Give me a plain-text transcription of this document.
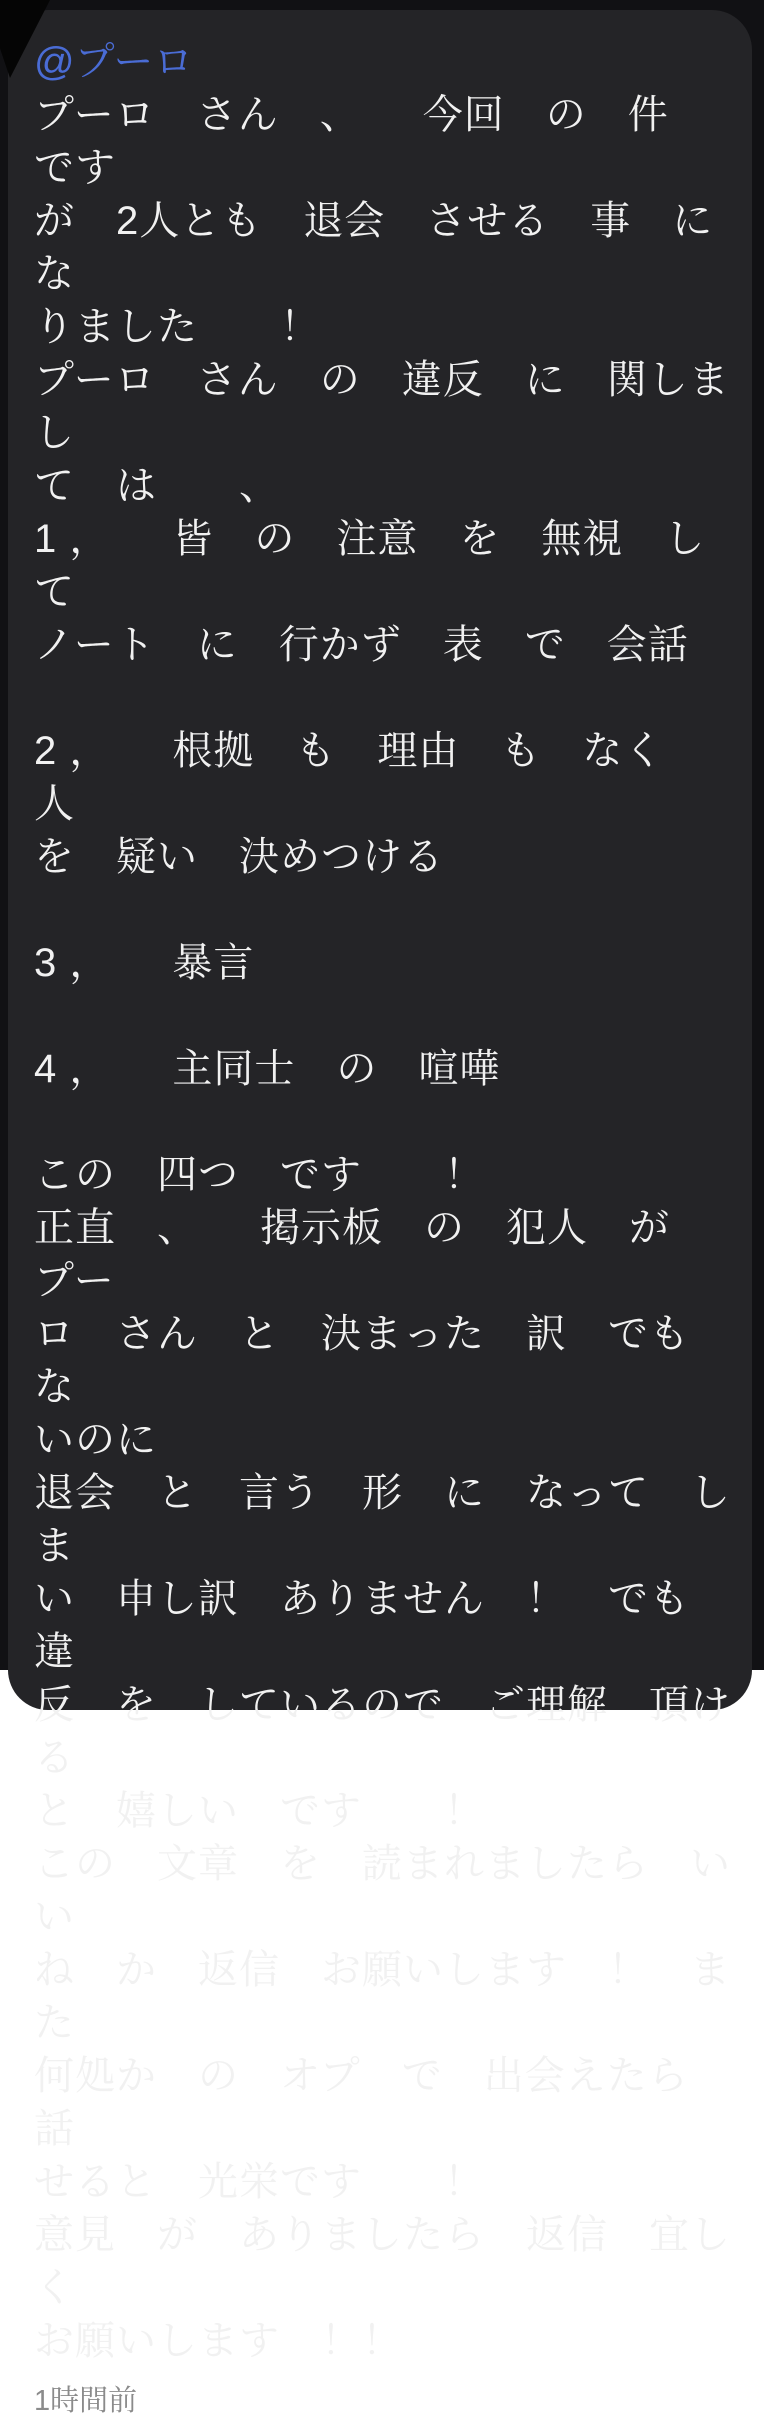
@プーロ
プーロ　さん　、　　今回　の　件　です
が　2人とも　退会　させる　事　に　な
りました　　！
プーロ　さん　の　違反　に　関しまし
て　は　　、
1 ，　　皆　の　注意　を　無視　して
ノート　に　行かず　表　で　会話
2 ，　　根拠　も　理由　も　なく　人
を　疑い　決めつける
3 ，　　暴言
4 ，　　主同士　の　喧嘩
この　四つ　です　　！
正直　、　　掲示板　の　犯人　が　プー
ロ　さん　と　決まった　訳　でも　な
いのに
退会　と　言う　形　に　なって　しま
い　申し訳　ありません　！　でも　違
反　を　しているので　ご理解　頂ける
と　嬉しい　です　　！
この　文章　を　読まれましたら　いい
ね　か　返信　お願いします　！　また
何処か　の　オプ　で　出会えたら　話
せると　光栄です　　！
意見　が　ありましたら　返信　宜しく
お願いします　！！
1時間前
